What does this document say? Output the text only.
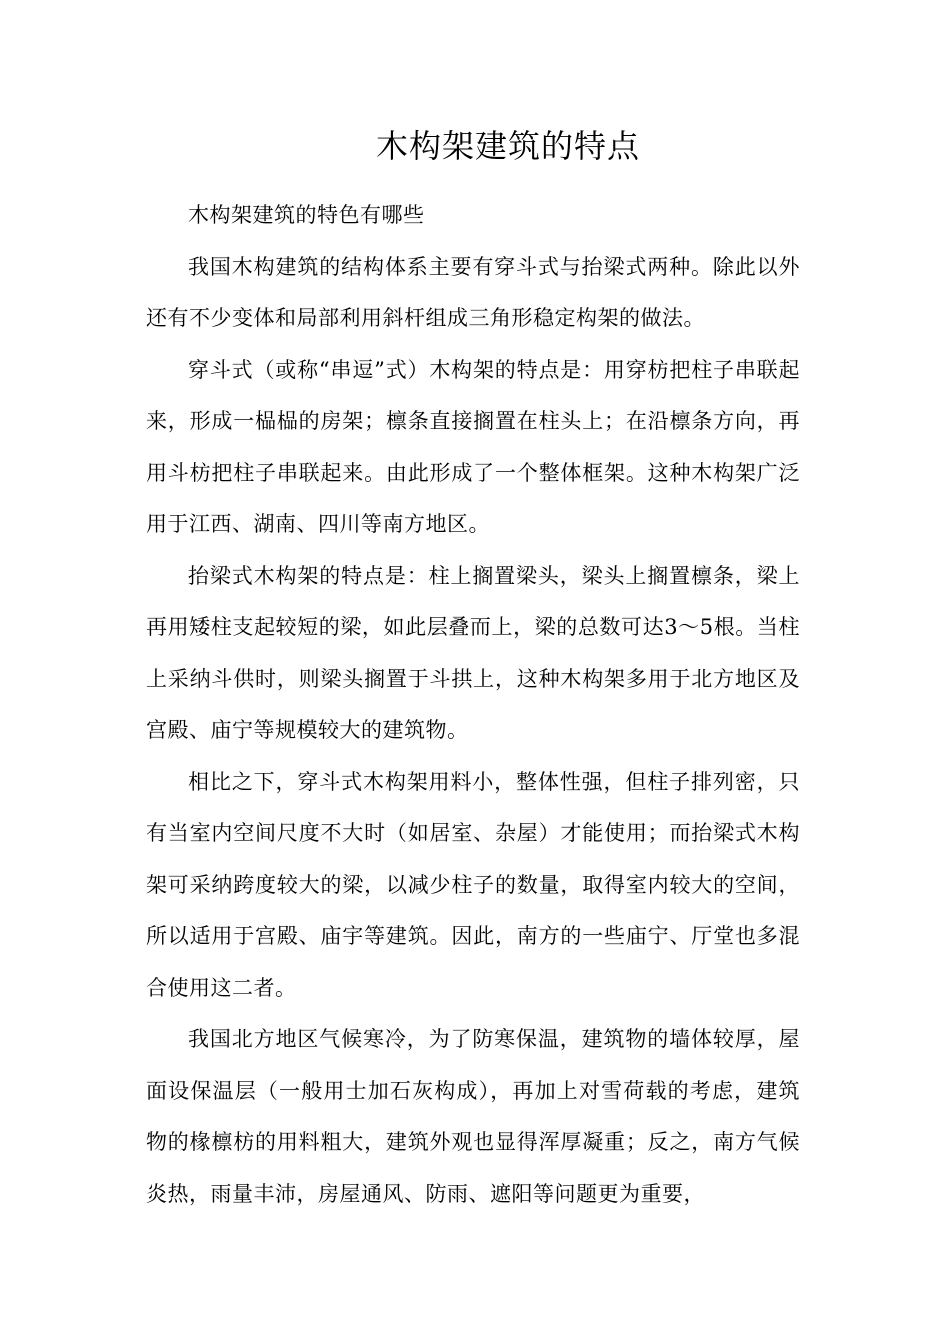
木构架建筑的特点

木构架建筑的特色有哪些

我国木构建筑的结构体系主要有穿斗式与抬梁式两种。除此以外还有不少变体和局部利用斜杆组成三角形稳定构架的做法。

穿斗式（或称“串逗”式）木构架的特点是：用穿枋把柱子串联起来，形成一榀榀的房架；檩条直接搁置在柱头上；在沿檩条方向，再用斗枋把柱子串联起来。由此形成了一个整体框架。这种木构架广泛用于江西、湖南、四川等南方地区。

抬梁式木构架的特点是：柱上搁置梁头，梁头上搁置檩条，梁上再用矮柱支起较短的梁，如此层叠而上，梁的总数可达3～5根。当柱上采纳斗供时，则梁头搁置于斗拱上，这种木构架多用于北方地区及宫殿、庙宁等规模较大的建筑物。

相比之下，穿斗式木构架用料小，整体性强，但柱子排列密，只有当室内空间尺度不大时（如居室、杂屋）才能使用；而抬梁式木构架可采纳跨度较大的梁，以减少柱子的数量，取得室内较大的空间，所以适用于宫殿、庙宇等建筑。因此，南方的一些庙宁、厅堂也多混合使用这二者。

我国北方地区气候寒冷，为了防寒保温，建筑物的墙体较厚，屋面设保温层（一般用士加石灰构成），再加上对雪荷载的考虑，建筑物的椽檩枋的用料粗大，建筑外观也显得浑厚凝重；反之，南方气候炎热，雨量丰沛，房屋通风、防雨、遮阳等问题更为重要，
